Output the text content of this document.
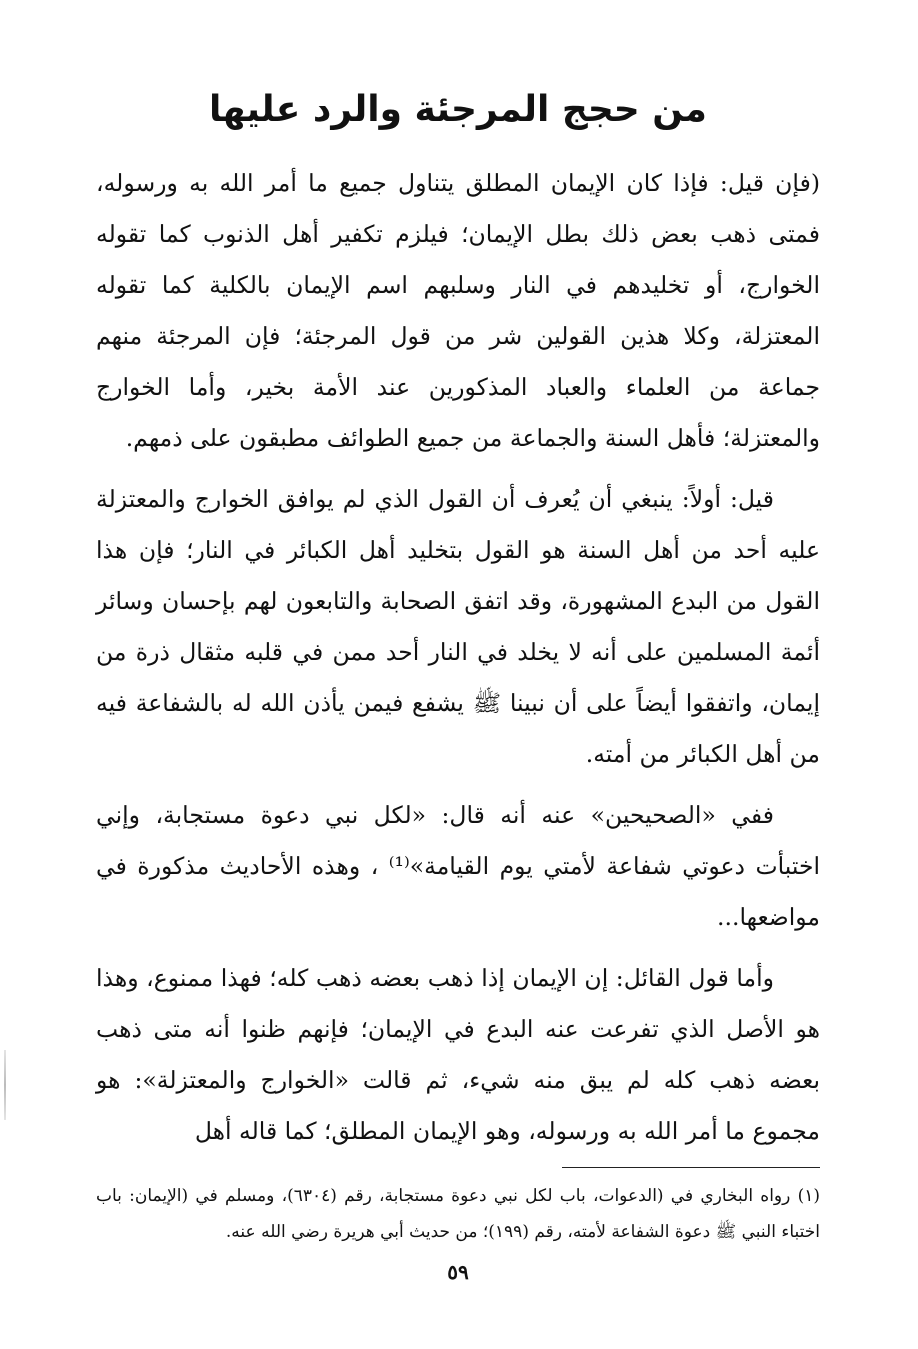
من حجج المرجئة والرد عليها

(فإن قيل: فإذا كان الإيمان المطلق يتناول جميع ما أمر الله به ورسوله، فمتى ذهب بعض ذلك بطل الإيمان؛ فيلزم تكفير أهل الذنوب كما تقوله الخوارج، أو تخليدهم في النار وسلبهم اسم الإيمان بالكلية كما تقوله المعتزلة، وكلا هذين القولين شر من قول المرجئة؛ فإن المرجئة منهم جماعة من العلماء والعباد المذكورين عند الأمة بخير، وأما الخوارج والمعتزلة؛ فأهل السنة والجماعة من جميع الطوائف مطبقون على ذمهم.

قيل: أولاً: ينبغي أن يُعرف أن القول الذي لم يوافق الخوارج والمعتزلة عليه أحد من أهل السنة هو القول بتخليد أهل الكبائر في النار؛ فإن هذا القول من البدع المشهورة، وقد اتفق الصحابة والتابعون لهم بإحسان وسائر أئمة المسلمين على أنه لا يخلد في النار أحد ممن في قلبه مثقال ذرة من إيمان، واتفقوا أيضاً على أن نبينا ﷺ يشفع فيمن يأذن الله له بالشفاعة فيه من أهل الكبائر من أمته.

ففي «الصحيحين» عنه أنه قال: «لكل نبي دعوة مستجابة، وإني اختبأت دعوتي شفاعة لأمتي يوم القيامة»⁽¹⁾ ، وهذه الأحاديث مذكورة في مواضعها...

وأما قول القائل: إن الإيمان إذا ذهب بعضه ذهب كله؛ فهذا ممنوع، وهذا هو الأصل الذي تفرعت عنه البدع في الإيمان؛ فإنهم ظنوا أنه متى ذهب بعضه ذهب كله لم يبق منه شيء، ثم قالت «الخوارج والمعتزلة»: هو مجموع ما أمر الله به ورسوله، وهو الإيمان المطلق؛ كما قاله أهل

(١) رواه البخاري في (الدعوات، باب لكل نبي دعوة مستجابة، رقم (٦٣٠٤)، ومسلم في (الإيمان: باب اختباء النبي ﷺ دعوة الشفاعة لأمته، رقم (١٩٩)؛ من حديث أبي هريرة رضي الله عنه.

٥٩
